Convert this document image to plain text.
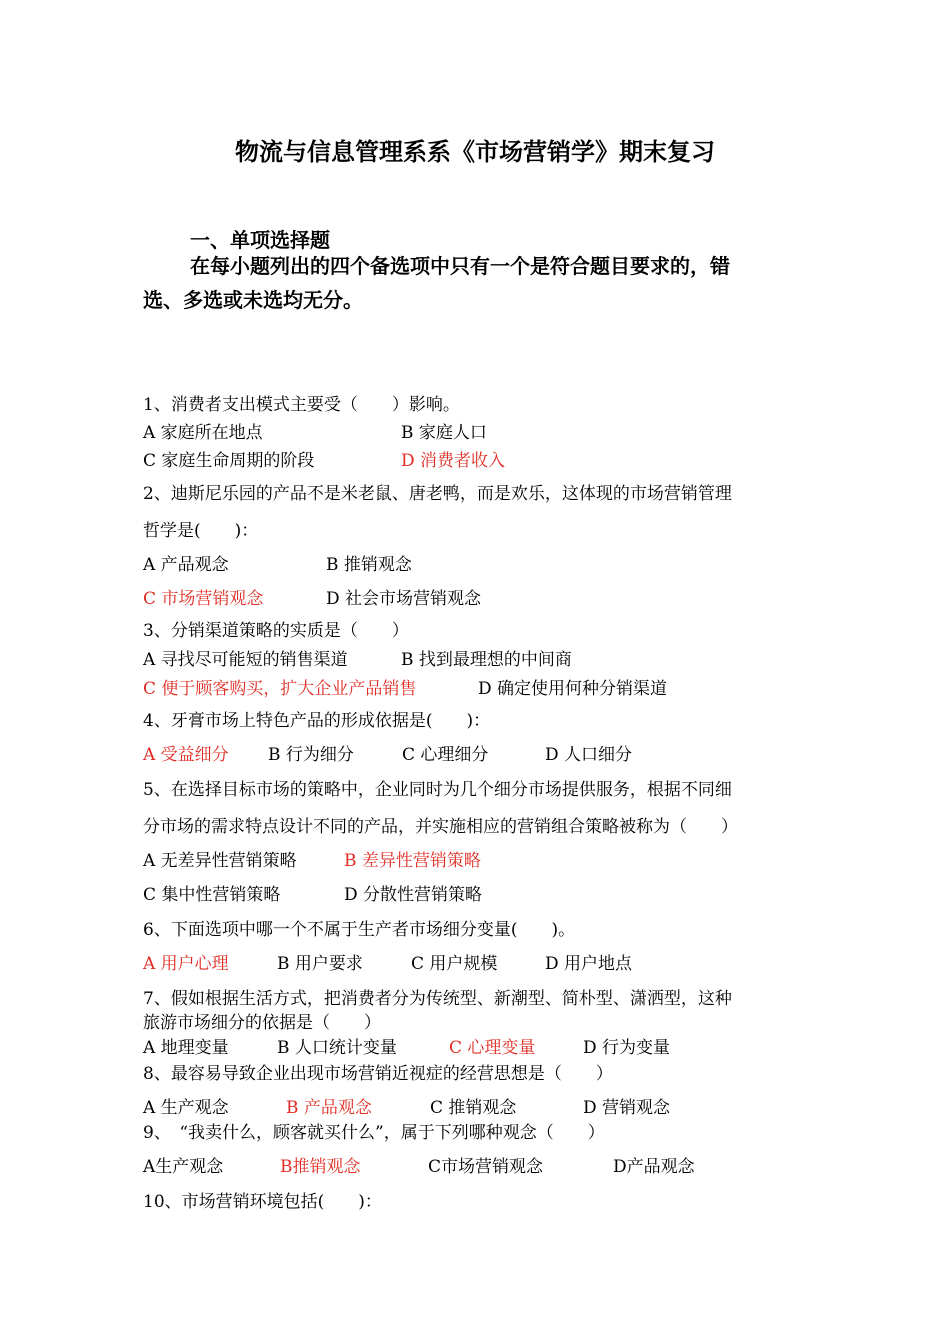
物流与信息管理系系《市场营销学》期末复习
一、单项选择题
在每小题列出的四个备选项中只有一个是符合题目要求的，错
选、多选或未选均无分。
1、消费者支出模式主要受（　　）影响。
A 家庭所在地点	B 家庭人口
C 家庭生命周期的阶段	D 消费者收入
2、迪斯尼乐园的产品不是米老鼠、唐老鸭，而是欢乐，这体现的市场营销管理
哲学是(　　)：
A 产品观念	B 推销观念
C 市场营销观念	D 社会市场营销观念
3、分销渠道策略的实质是（　　）
A 寻找尽可能短的销售渠道	B 找到最理想的中间商
C 便于顾客购买，扩大企业产品销售	D 确定使用何种分销渠道
4、牙膏市场上特色产品的形成依据是(　　)：
A 受益细分 B 行为细分	C 心理细分	D 人口细分
5、在选择目标市场的策略中，企业同时为几个细分市场提供服务，根据不同细
分市场的需求特点设计不同的产品，并实施相应的营销组合策略被称为（　　）
A 无差异性营销策略	B 差异性营销策略
C 集中性营销策略	D 分散性营销策略
6、下面选项中哪一个不属于生产者市场细分变量(　　)。
A 用户心理	B 用户要求	C 用户规模	D 用户地点
7、假如根据生活方式，把消费者分为传统型、新潮型、简朴型、潇洒型，这种
旅游市场细分的依据是（　　）
A 地理变量	B 人口统计变量	C 心理变量	D 行为变量
8、最容易导致企业出现市场营销近视症的经营思想是（　　）
A 生产观念	B 产品观念	C 推销观念	D 营销观念
9、　“我卖什么，顾客就买什么”，属于下列哪种观念（　　）
A生产观念	B推销观念	C市场营销观念	D产品观念
10、市场营销环境包括(　　)：
